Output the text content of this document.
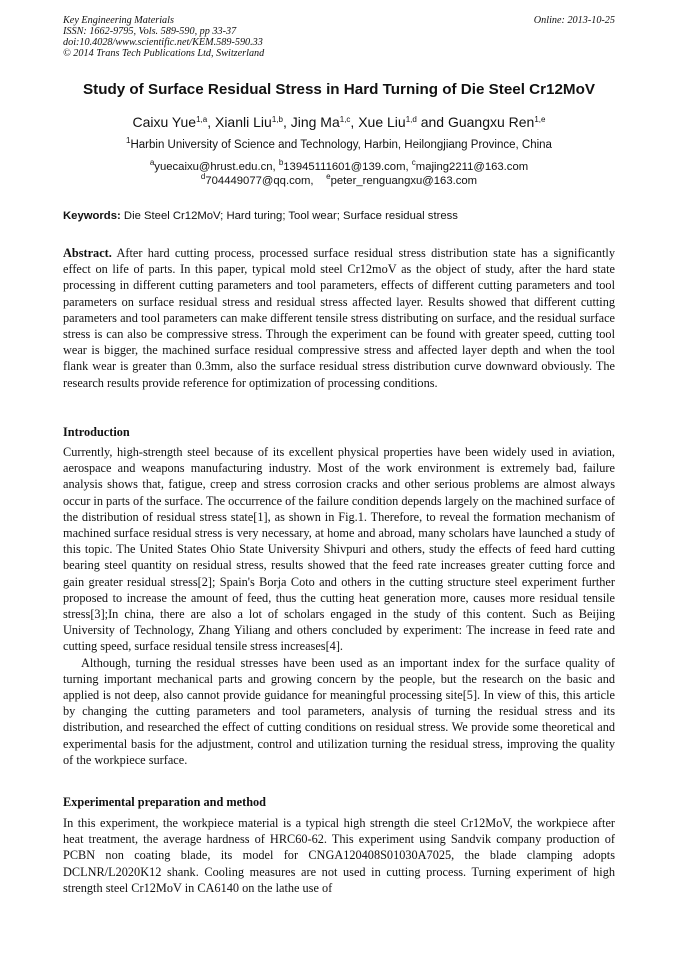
Key Engineering Materials
ISSN: 1662-9795, Vols. 589-590, pp 33-37
doi:10.4028/www.scientific.net/KEM.589-590.33
© 2014 Trans Tech Publications Ltd, Switzerland
Online: 2013-10-25
Study of Surface Residual Stress in Hard Turning of Die Steel Cr12MoV
Caixu Yue$^{1,a}$, Xianli Liu$^{1,b}$, Jing Ma$^{1,c}$, Xue Liu$^{1,d}$ and Guangxu Ren$^{1,e}$
$^1$Harbin University of Science and Technology, Harbin, Heilongjiang Province, China
$^a$yuecaixu@hrust.edu.cn, $^b$13945111601@139.com, $^c$majing2211@163.com
$^d$704449077@qq.com,    $^e$peter_renguangxu@163.com
Keywords: Die Steel Cr12MoV; Hard turing; Tool wear; Surface residual stress
Abstract. After hard cutting process, processed surface residual stress distribution state has a significantly effect on life of parts. In this paper, typical mold steel Cr12moV as the object of study, after the hard state processing in different cutting parameters and tool parameters, effects of different cutting parameters and tool parameters on surface residual stress and residual stress affected layer. Results showed that different cutting parameters and tool parameters can make different tensile stress distributing on surface, and the residual surface stress is can also be compressive stress. Through the experiment can be found with greater speed, cutting tool wear is bigger, the machined surface residual compressive stress and affected layer depth and when the tool flank wear is greater than 0.3mm, also the surface residual stress distribution curve downward obviously. The research results provide reference for optimization of processing conditions.
Introduction

Currently, high-strength steel because of its excellent physical properties have been widely used in aviation, aerospace and weapons manufacturing industry. Most of the work environment is extremely bad, failure analysis shows that, fatigue, creep and stress corrosion cracks and other serious problems are almost always occur in parts of the surface. The occurrence of the failure condition depends largely on the machined surface of the distribution of residual stress state[1], as shown in Fig.1. Therefore, to reveal the formation mechanism of machined surface residual stress is very necessary, at home and abroad, many scholars have launched a study of this topic. The United States Ohio State University Shivpuri and others, study the effects of feed hard cutting bearing steel quantity on residual stress, results showed that the feed rate increases greater cutting force and gain greater residual stress[2]; Spain's Borja Coto and others in the cutting structure steel experiment further proposed to increase the amount of feed, thus the cutting heat generation more, causes more residual tensile stress[3];In china, there are also a lot of scholars engaged in the study of this content. Such as Beijing University of Technology, Zhang Yiliang and others concluded by experiment: The increase in feed rate and cutting speed, surface residual tensile stress increases[4].

Although, turning the residual stresses have been used as an important index for the surface quality of turning important mechanical parts and growing concern by the people, but the research on the basic and applied is not deep, also cannot provide guidance for meaningful processing site[5]. In view of this, this article by changing the cutting parameters and tool parameters, analysis of turning the residual stress and its distribution, and researched the effect of cutting conditions on residual stress. We provide some theoretical and experimental basis for the adjustment, control and utilization turning the residual stress, improving the quality of the workpiece surface.

Experimental preparation and method
In this experiment, the workpiece material is a typical high strength die steel Cr12MoV, the workpiece after heat treatment, the average hardness of HRC60-62. This experiment using Sandvik company production of PCBN non coating blade, its model for CNGA120408S01030A7025, the blade clamping adopts DCLNR/L2020K12 shank. Cooling measures are not used in cutting process. Turning experiment of high strength steel Cr12MoV in CA6140 on the lathe use of
